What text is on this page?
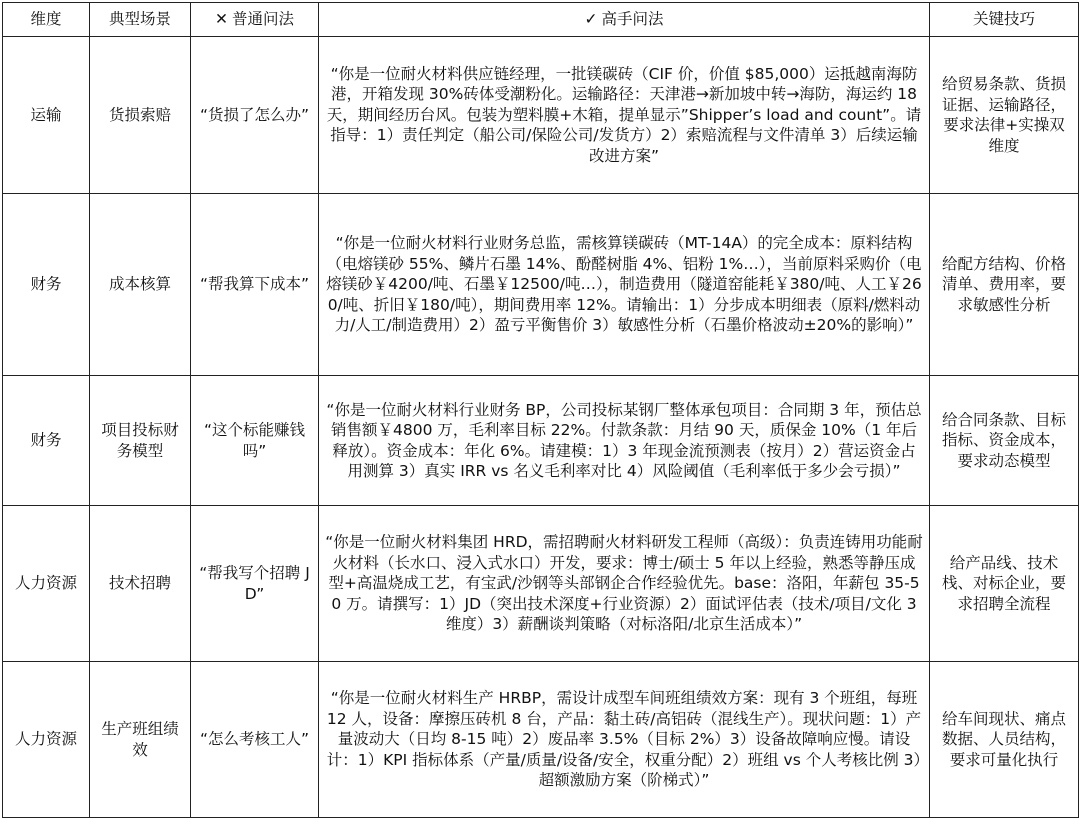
维度	典型场景	✕ 普通问法	✓ 高手问法	关键技巧
运输	货损索赔	“货损了怎么办”	“你是一位耐火材料供应链经理，一批镁碳砖（CIF 价，价值 $85,000）运抵越南海防港，开箱发现 30%砖体受潮粉化。运输路径：天津港→新加坡中转→海防，海运约 18 天，期间经历台风。包装为塑料膜+木箱，提单显示”Shipper’s load and count”。请指导：1）责任判定（船公司/保险公司/发货方）2）索赔流程与文件清单 3）后续运输改进方案”	给贸易条款、货损证据、运输路径，要求法律+实操双维度
财务	成本核算	“帮我算下成本”	“你是一位耐火材料行业财务总监，需核算镁碳砖（MT-14A）的完全成本：原料结构（电熔镁砂 55%、鳞片石墨 14%、酚醛树脂 4%、铝粉 1%…），当前原料采购价（电熔镁砂￥4200/吨、石墨￥12500/吨…），制造费用（隧道窑能耗￥380/吨、人工￥260/吨、折旧￥180/吨），期间费用率 12%。请输出：1）分步成本明细表（原料/燃料动力/人工/制造费用）2）盈亏平衡售价 3）敏感性分析（石墨价格波动±20%的影响）”	给配方结构、价格清单、费用率，要求敏感性分析
财务	项目投标财务模型	“这个标能赚钱吗”	“你是一位耐火材料行业财务 BP，公司投标某钢厂整体承包项目：合同期 3 年，预估总销售额￥4800 万，毛利率目标 22%。付款条款：月结 90 天，质保金 10%（1 年后释放）。资金成本：年化 6%。请建模：1）3 年现金流预测表（按月）2）营运资金占用测算 3）真实 IRR vs 名义毛利率对比 4）风险阈值（毛利率低于多少会亏损）”	给合同条款、目标指标、资金成本，要求动态模型
人力资源	技术招聘	“帮我写个招聘 JD”	“你是一位耐火材料集团 HRD，需招聘耐火材料研发工程师（高级）：负责连铸用功能耐火材料（长水口、浸入式水口）开发，要求：博士/硕士 5 年以上经验，熟悉等静压成型+高温烧成工艺，有宝武/沙钢等头部钢企合作经验优先。base：洛阳，年薪包 35-50 万。请撰写：1）JD（突出技术深度+行业资源）2）面试评估表（技术/项目/文化 3 维度）3）薪酬谈判策略（对标洛阳/北京生活成本）”	给产品线、技术栈、对标企业，要求招聘全流程
人力资源	生产班组绩效	“怎么考核工人”	“你是一位耐火材料生产 HRBP，需设计成型车间班组绩效方案：现有 3 个班组，每班 12 人，设备：摩擦压砖机 8 台，产品：黏土砖/高铝砖（混线生产）。现状问题：1）产量波动大（日均 8-15 吨）2）废品率 3.5%（目标 2%）3）设备故障响应慢。请设计：1）KPI 指标体系（产量/质量/设备/安全，权重分配）2）班组 vs 个人考核比例 3）超额激励方案（阶梯式）”	给车间现状、痛点数据、人员结构，要求可量化执行
